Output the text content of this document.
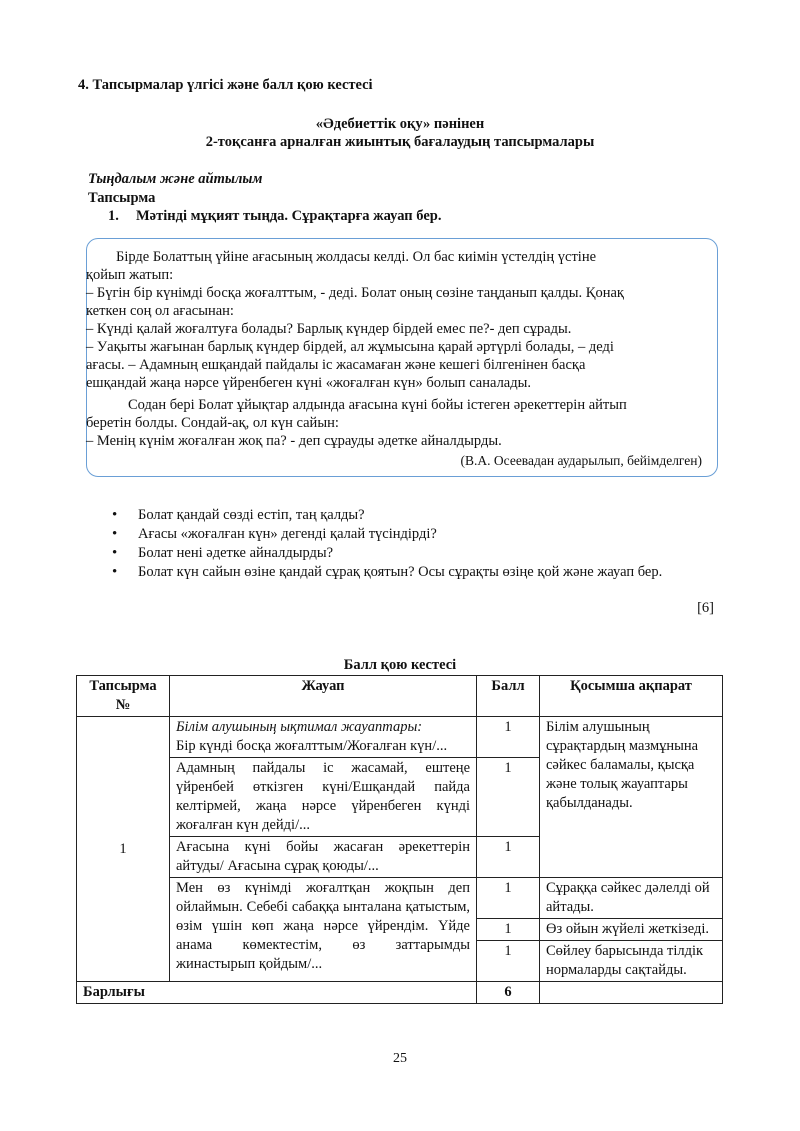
4. Тапсырмалар үлгісі және балл қою кестесі
«Әдебиеттік оқу» пәнінен
2-тоқсанға арналған жиынтық бағалаудың тапсырмалары
Тыңдалым және айтылым
Тапсырма
1. Мәтінді мұқият тыңда. Сұрақтарға жауап бер.
Бірде Болаттың үйіне ағасының жолдасы келді. Ол бас киімін үстелдің үстіне
қойып жатып:
– Бүгін бір күнімді босқа жоғалттым, - деді. Болат оның сөзіне таңданып қалды. Қонақ
кеткен соң ол ағасынан:
– Күнді қалай жоғалтуға болады? Барлық күндер бірдей емес пе?- деп сұрады.
– Уақыты жағынан барлық күндер бірдей, ал жұмысына қарай әртүрлі болады, – деді
ағасы. – Адамның ешқандай пайдалы іс жасамаған және кешегі білгенінен басқа
ешқандай жаңа нәрсе үйренбеген күні «жоғалған күн» болып саналады.
Содан бері Болат ұйықтар алдында ағасына күні бойы істеген әрекеттерін айтып
беретін болды. Сондай-ақ, ол күн сайын:
– Менің күнім жоғалған жоқ па? - деп сұрауды әдетке айналдырды.
(В.А. Осеевадан аударылып, бейімделген)
• Болат қандай сөзді естіп, таң қалды?
• Ағасы «жоғалған күн» дегенді қалай түсіндірді?
• Болат нені әдетке айналдырды?
• Болат күн сайын өзіне қандай сұрақ қоятын? Осы сұрақты өзіңе қой және жауап бер.
[6]
Балл қою кестесі
Тапсырма №	Жауап	Балл	Қосымша ақпарат
1	Білім алушының ықтимал жауаптары:
Бір күнді босқа жоғалттым/Жоғалған күн/...	1	Білім алушының сұрақтардың мазмұнына сәйкес баламалы, қысқа және толық жауаптары қабылданады.
	Адамның пайдалы іс жасамай, ештеңе үйренбей өткізген күні/Ешқандай пайда келтірмей, жаңа нәрсе үйренбеген күнді жоғалған күн дейді/...	1	
	Ағасына күні бойы жасаған әрекеттерін айтуды/ Ағасына сұрақ қоюды/...	1	
	Мен өз күнімді жоғалтқан жоқпын деп ойлаймын. Себебі сабаққа ынталана қатыстым, өзім үшін көп жаңа нәрсе үйрендім. Үйде анама көмектестім, өз заттарымды жинастырып қойдым/...	1	Сұраққа сәйкес дәлелді ой айтады.
		1	Өз ойын жүйелі жеткізеді.
		1	Сөйлеу барысында тілдік нормаларды сақтайды.
Барлығы		6	
25
